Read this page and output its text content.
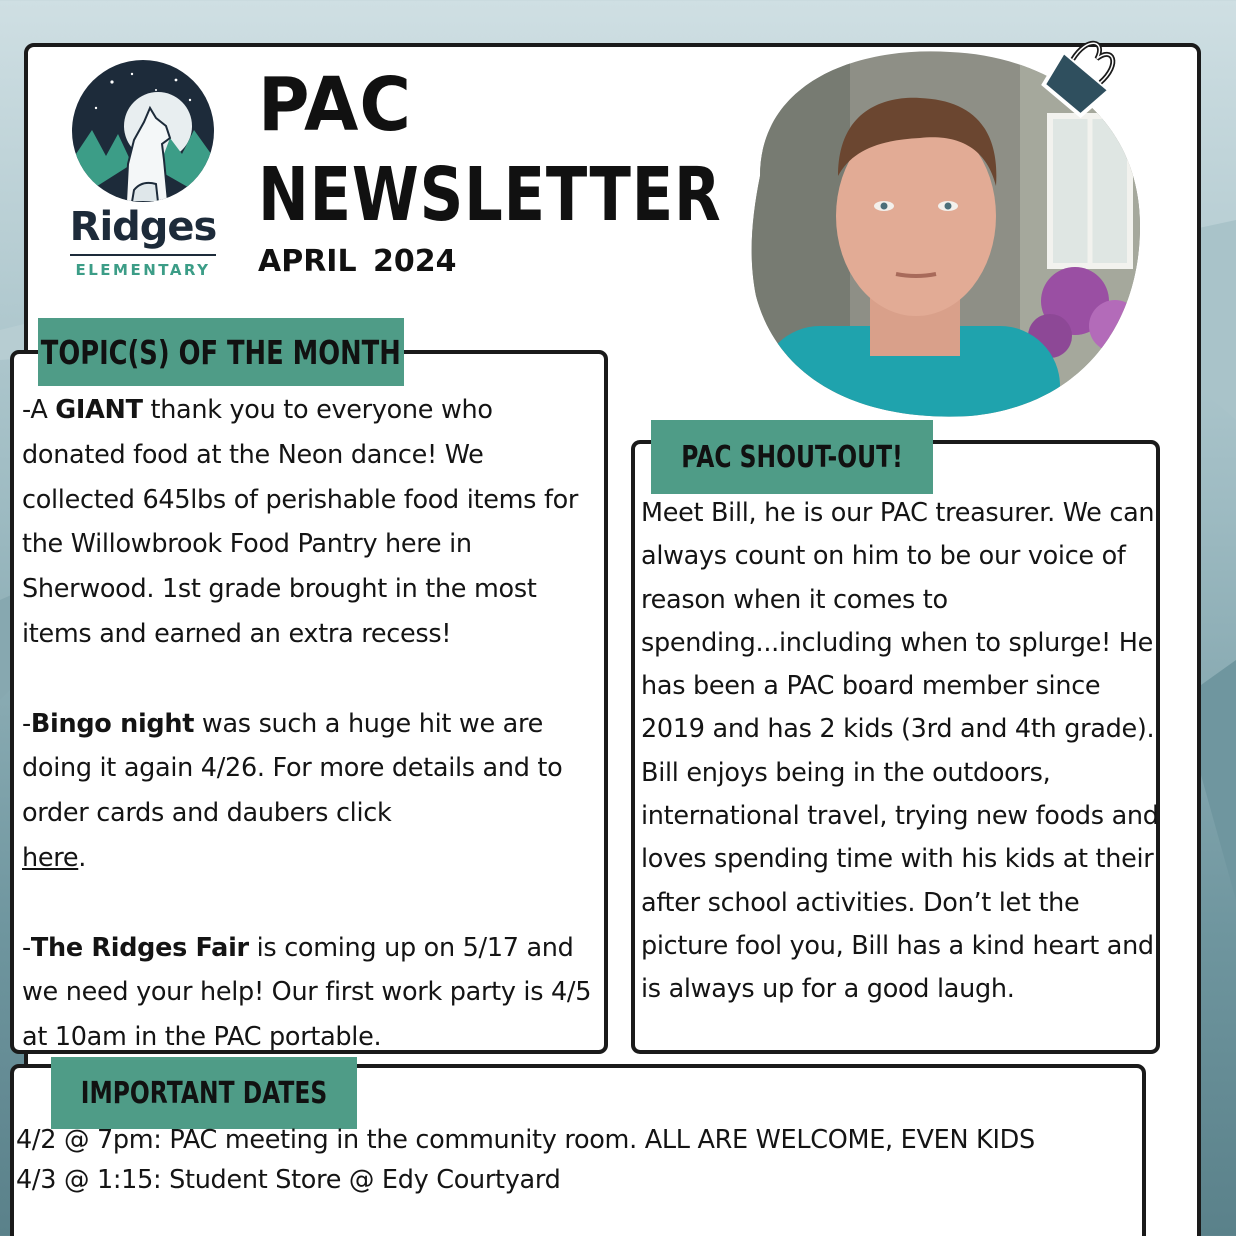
Ridges
ELEMENTARY
PAC
NEWSLETTER
APRIL 2024
TOPIC(S) OF THE MONTH

-A GIANT thank you to everyone who donated food at the Neon dance! We collected 645lbs of perishable food items for the Willowbrook Food Pantry here in Sherwood. 1st grade brought in the most items and earned an extra recess!

-Bingo night was such a huge hit we are doing it again 4/26. For more details and to order cards and daubers click
here.

-The Ridges Fair is coming up on 5/17 and we need your help! Our first work party is 4/5 at 10am in the PAC portable.

PAC SHOUT-OUT!
Meet Bill, he is our PAC treasurer. We can always count on him to be our voice of reason when it comes to spending...including when to splurge! He has been a PAC board member since 2019 and has 2 kids (3rd and 4th grade). Bill enjoys being in the outdoors, international travel, trying new foods and loves spending time with his kids at their after school activities. Don’t let the picture fool you, Bill has a kind heart and is always up for a good laugh.
IMPORTANT DATES
4/2 @ 7pm: PAC meeting in the community room. ALL ARE WELCOME, EVEN KIDS
4/3 @ 1:15: Student Store @ Edy Courtyard
